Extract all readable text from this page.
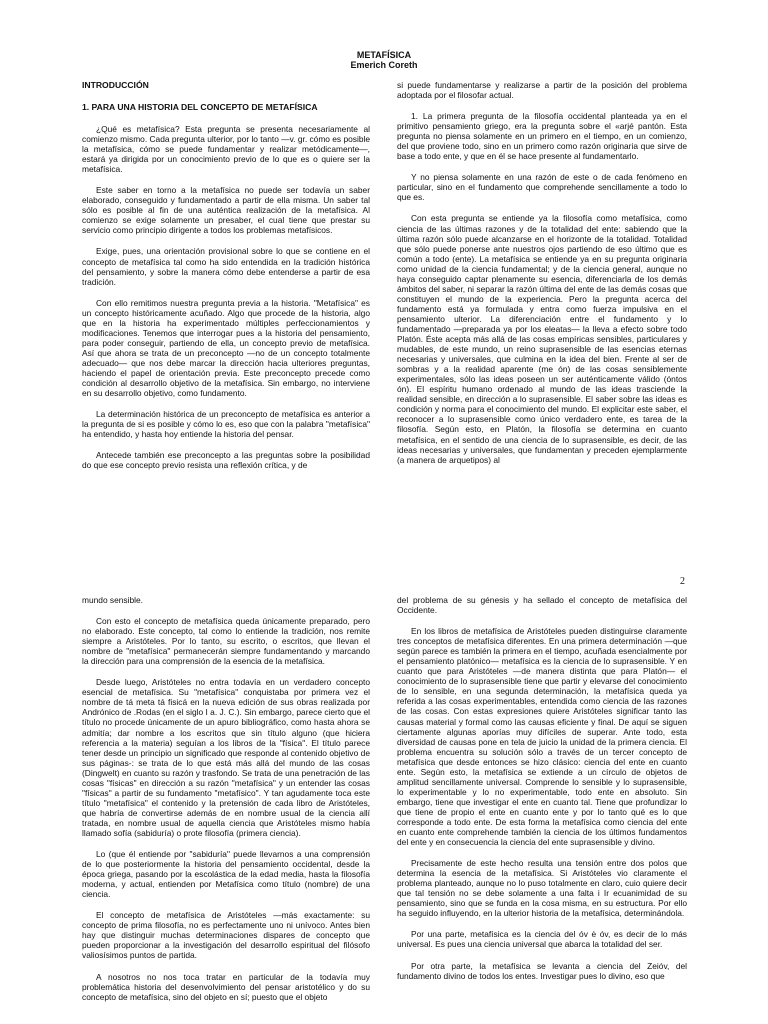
METAFÍSICA
Emerich Coreth
INTRODUCCIÓN
1. PARA UNA HISTORIA DEL CONCEPTO DE METAFÍSICA

¿Qué es metafísica? Esta pregunta se presenta necesariamente al comienzo mismo. Cada pregunta ulterior, por lo tanto —v. gr. cómo es posible la metafísica, cómo se puede fundamentar y realizar metódicamente—, estará ya dirigida por un conocimiento previo de lo que es o quiere ser la metafísica.

Este saber en torno a la metafísica no puede ser todavía un saber elaborado, conseguido y fundamentado a partir de ella misma. Un saber tal sólo es posible al fin de una auténtica realización de la metafísica. Al comienzo se exige solamente un presaber, el cual tiene que prestar su servicio como principio dirigente a todos los problemas metafísicos.

Exige, pues, una orientación provisional sobre lo que se contiene en el concepto de metafísica tal como ha sido entendida en la tradición histórica del pensamiento, y sobre la manera cómo debe entenderse a partir de esa tradición.

Con ello remitimos nuestra pregunta previa a la historia. "Metafísica" es un concepto históricamente acuñado. Algo que procede de la historia, algo que en la historia ha experimentado múltiples perfeccionamientos y modificaciones. Tenemos que interrogar pues a la historia del pensamiento, para poder conseguir, partiendo de ella, un concepto previo de metafísica. Así que ahora se trata de un preconcepto —no de un concepto totalmente adecuado— que nos debe marcar la dirección hacia ulteriores preguntas, haciendo el papel de orientación previa. Este preconcepto precede como condición al desarrollo objetivo de la metafísica. Sin embargo, no interviene en su desarrollo objetivo, como fundamento.

La determinación histórica de un preconcepto de metafísica es anterior a la pregunta de si es posible y cómo lo es, eso que con la palabra "metafísica" ha entendido, y hasta hoy entiende la historia del pensar.

Antecede también ese preconcepto a las preguntas sobre la posibilidad do que ese concepto previo resista una reflexión crítica, y de

si puede fundamentarse y realizarse a partir de la posición del problema adoptada por el filosofar actual.

1. La primera pregunta de la filosofía occidental planteada ya en el primitivo pensamiento griego, era la pregunta sobre el «arjé pantón. Esta pregunta no piensa solamente en un primero en el tiempo, en un comienzo, del que proviene todo, sino en un primero como razón originaria que sirve de base a todo ente, y que en él se hace presente al fundamentarlo.

Y no piensa solamente en una razón de este o de cada fenómeno en particular, sino en el fundamento que comprehende sencillamente a todo lo que es.

Con esta pregunta se entiende ya la filosofía como metafísica, como ciencia de las últimas razones y de la totalidad del ente: sabiendo que la última razón sólo puede alcanzarse en el horizonte de la totalidad. Totalidad que sólo puede ponerse ante nuestros ojos partiendo de eso último que es común a todo (ente). La metafísica se entiende ya en su pregunta originaria como unidad de la ciencia fundamental; y de la ciencia general, aunque no haya conseguido captar plenamente su esencia, diferenciarla de los demás ámbitos del saber, ni separar la razón última del ente de las demás cosas que constituyen el mundo de la experiencia. Pero la pregunta acerca del fundamento está ya formulada y entra como fuerza impulsiva en el pensamiento ulterior. La diferenciación entre el fundamento y lo fundamentado —preparada ya por los eleatas— la lleva a efecto sobre todo Platón. Éste acepta más allá de las cosas empíricas sensibles, particulares y mudables, de este mundo, un reino suprasensible de las esencias eternas necesarias y universales, que culmina en la idea del bien. Frente al ser de sombras y a la realidad aparente (me ón) de las cosas sensiblemente experimentales, sólo las ideas poseen un ser auténticamente válido (óntos ón). El espíritu humano ordenado al mundo de las ideas trasciende la realidad sensible, en dirección a lo suprasensible. El saber sobre las ideas es condición y norma para el conocimiento del mundo. El explicitar este saber, el reconocer a lo suprasensible como único verdadero ente, es tarea de la filosofía. Según esto, en Platón, la filosofía se determina en cuanto metafísica, en el sentido de una ciencia de lo suprasensible, es decir, de las ideas necesarias y universales, que fundamentan y preceden ejemplarmente (a manera de arquetipos) al

2

mundo sensible.

Con esto el concepto de metafísica queda únicamente preparado, pero no elaborado. Este concepto, tal como lo entiende la tradición, nos remite siempre a Aristóteles. Por lo tanto, su escrito, o escritos, que llevan el nombre de "metafísica" permanecerán siempre fundamentando y marcando la dirección para una comprensión de la esencia de la metafísica.

Desde luego, Aristóteles no entra todavía en un verdadero concepto esencial de metafísica. Su "metafísica" conquistaba por primera vez el nombre de tá meta tá fisicá en la nueva edición de sus obras realizada por Andrónico de .Rodas (en el siglo I a. J. C.). Sin embargo, parece cierto que el título no procede únicamente de un apuro bibliográfico, como hasta ahora se admitía; dar nombre a los escritos que sin título alguno (que hiciera referencia a la materia) seguían a los libros de la "física". El título parece tener desde un principio un significado que responde al contenido objetivo de sus páginas-: se trata de lo que está más allá del mundo de las cosas (Dingwelt) en cuanto su razón y trasfondo. Se trata de una penetración de las cosas "físicas" en dirección a su razón "metafísica" y un entender las cosas "físicas" a partir de su fundamento "metafísico". Y tan agudamente toca este título "metafísica" el contenido y la pretensión de cada libro de Aristóteles, que habría de convertirse además de en nombre usual de la ciencia allí tratada, en nombre usual de aquella ciencia que Aristóteles mismo había llamado sofía (sabiduría) o prote filosofía (primera ciencia).

Lo (que él entiende por "sabiduría" puede llevarnos a una comprensión de lo que posteriormente la historia del pensamiento occidental, desde la época griega, pasando por la escolástica de la edad media, hasta la filosofía moderna, y actual, entienden por Metafísica como título (nombre) de una ciencia.

El concepto de metafísica de Aristóteles —más exactamente: su concepto de prima filosofía, no es perfectamente uno ni unívoco. Antes bien hay que distinguir muchas determinaciones dispares de concepto que pueden proporcionar a la investigación del desarrollo espiritual del filósofo valiosísimos puntos de partida.

A nosotros no nos toca tratar en particular de la todavía muy problemática historia del desenvolvimiento del pensar aristotélico y do su concepto de metafísica, sino del objeto en sí; puesto que el objeto

del problema de su génesis y ha sellado el concepto de metafísica del Occidente.

En los libros de metafísica de Aristóteles pueden distinguirse claramente tres conceptos de metafísica diferentes. En una primera determinación —que según parece es también la primera en el tiempo, acuñada esencialmente por el pensamiento platónico— metafísica es la ciencia de lo suprasensible. Y en cuanto que para Aristóteles —de manera distinta que para Platón— el conocimiento de lo suprasensible tiene que partir y elevarse del conocimiento de lo sensible, en una segunda determinación, la metafísica queda ya referida a las cosas experimentables, entendida como ciencia de las razones de las cosas. Con estas expresiones quiere Aristóteles significar tanto las causas material y formal como las causas eficiente y final. De aquí se siguen ciertamente algunas aporías muy difíciles de superar. Ante todo, esta diversidad de causas pone en tela de juicio la unidad de la primera ciencia. El problema encuentra su solución sólo a través de un tercer concepto de metafísica que desde entonces se hizo clásico: ciencia del ente en cuanto ente. Según esto, la metafísica se extiende a un círculo de objetos de amplitud sencillamente universal. Comprende lo sensible y lo suprasensible, lo experimentable y lo no experimentable, todo ente en absoluto. Sin embargo, tiene que investigar el ente en cuanto tal. Tiene que profundizar lo que tiene de propio el ente en cuanto ente y por lo tanto qué es lo que corresponde a todo ente. De esta forma la metafísica como ciencia del ente en cuanto ente comprehende también la ciencia de los últimos fundamentos del ente y en consecuencia la ciencia del ente suprasensible y divino.

Precisamente de este hecho resulta una tensión entre dos polos que determina la esencia de la metafísica. Si Aristóteles vio claramente el problema planteado, aunque no lo puso totalmente en claro, cuio quiere decir que tal tensión no se debe solamente a una falta i Ir ecuanimidad de su pensamiento, sino que se funda en la cosa misma, en su estructura. Por ello ha seguido influyendo, en la ulterior historia de la metafísica, determinándola.

Por una parte, metafísica es la ciencia del óv ė óv, es decir de lo más universal. Es pues una ciencia universal que abarca la totalidad del ser.

Por otra parte, la metafísica se levanta a ciencia del Zeióv, del fundamento divino de todos los entes. Investigar pues lo divino, eso que
